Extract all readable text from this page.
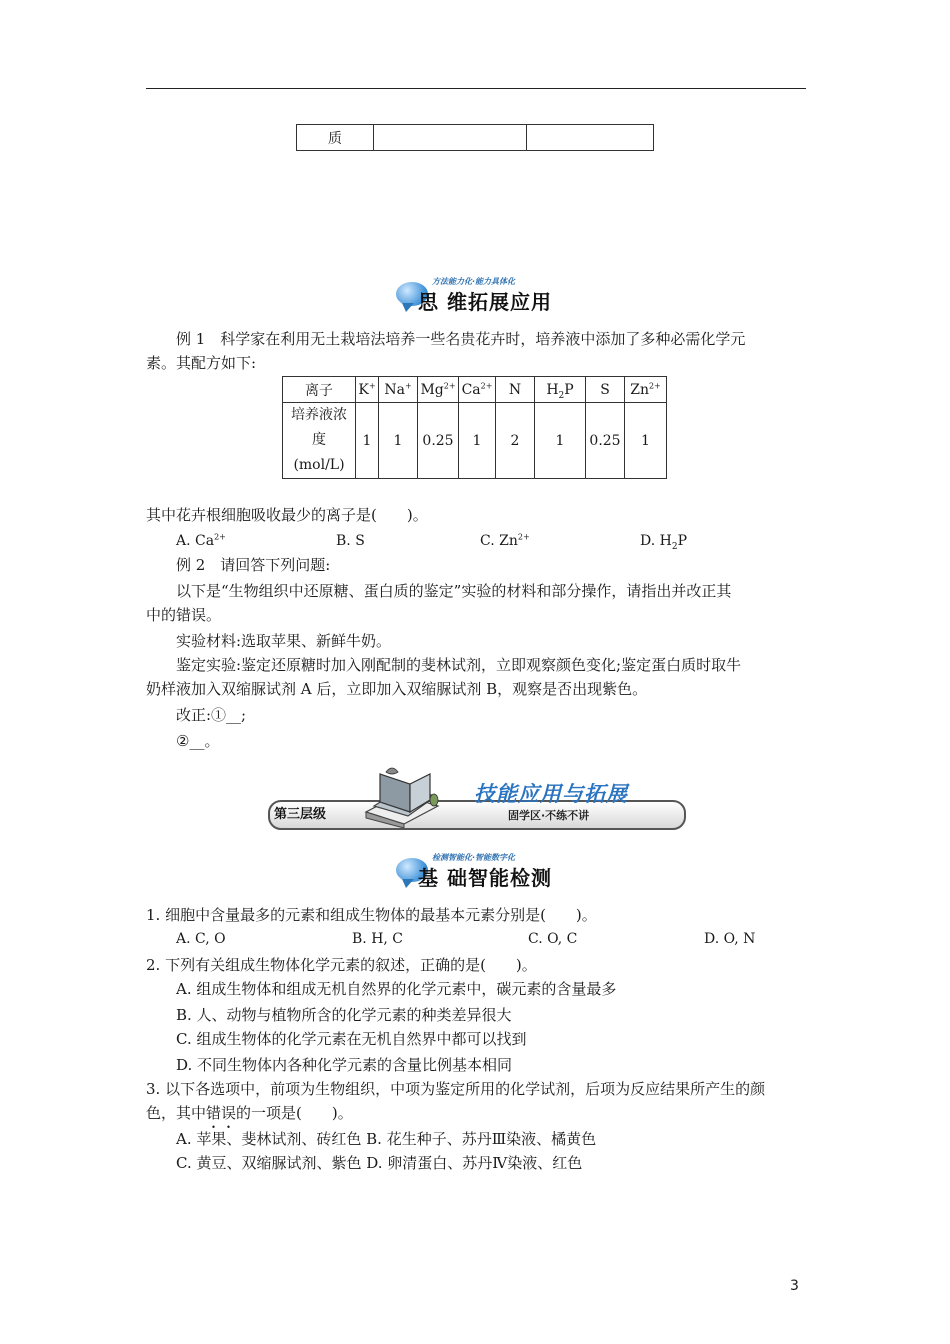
质		
方法能力化·能力具体化
思 维拓展应用
例 1　科学家在利用无土栽培法培养一些名贵花卉时，培养液中添加了多种必需化学元
素。其配方如下:
离子	K+	Na+	$Mg^{2+}$	$Ca^{2+}$	N	$H_2P$	S	$Zn^{2+}$

培养液浓
度
(mol/L)	1	1	0.25	1	2	1	0.25	1
其中花卉根细胞吸收最少的离子是(　　)。
A. $Ca^{2+}$	B. S	C. $Zn^{2+}$	D. $H_2P$
例 2　请回答下列问题:
以下是“生物组织中还原糖、蛋白质的鉴定”实验的材料和部分操作，请指出并改正其
中的错误。
实验材料:选取苹果、新鲜牛奶。
鉴定实验:鉴定还原糖时加入刚配制的斐林试剂，立即观察颜色变化;鉴定蛋白质时取牛
奶样液加入双缩脲试剂 A 后，立即加入双缩脲试剂 B，观察是否出现紫色。
改正:①__;
②__。
第三层级
技能应用与拓展
固学区·不练不讲
检测智能化·智能数字化
基 础智能检测
1. 细胞中含量最多的元素和组成生物体的最基本元素分别是(　　)。
A. C, O	B. H, C	C. O, C	D. O, N
2. 下列有关组成生物体化学元素的叙述，正确的是(　　)。
A. 组成生物体和组成无机自然界的化学元素中，碳元素的含量最多
B. 人、动物与植物所含的化学元素的种类差异很大
C. 组成生物体的化学元素在无机自然界中都可以找到
D. 不同生物体内各种化学元素的含量比例基本相同
3. 以下各选项中，前项为生物组织，中项为鉴定所用的化学试剂，后项为反应结果所产生的颜
色，其中错误的一项是(　　)。
A. 苹果、斐林试剂、砖红色 B. 花生种子、苏丹Ⅲ染液、橘黄色
C. 黄豆、双缩脲试剂、紫色 D. 卵清蛋白、苏丹Ⅳ染液、红色
3
